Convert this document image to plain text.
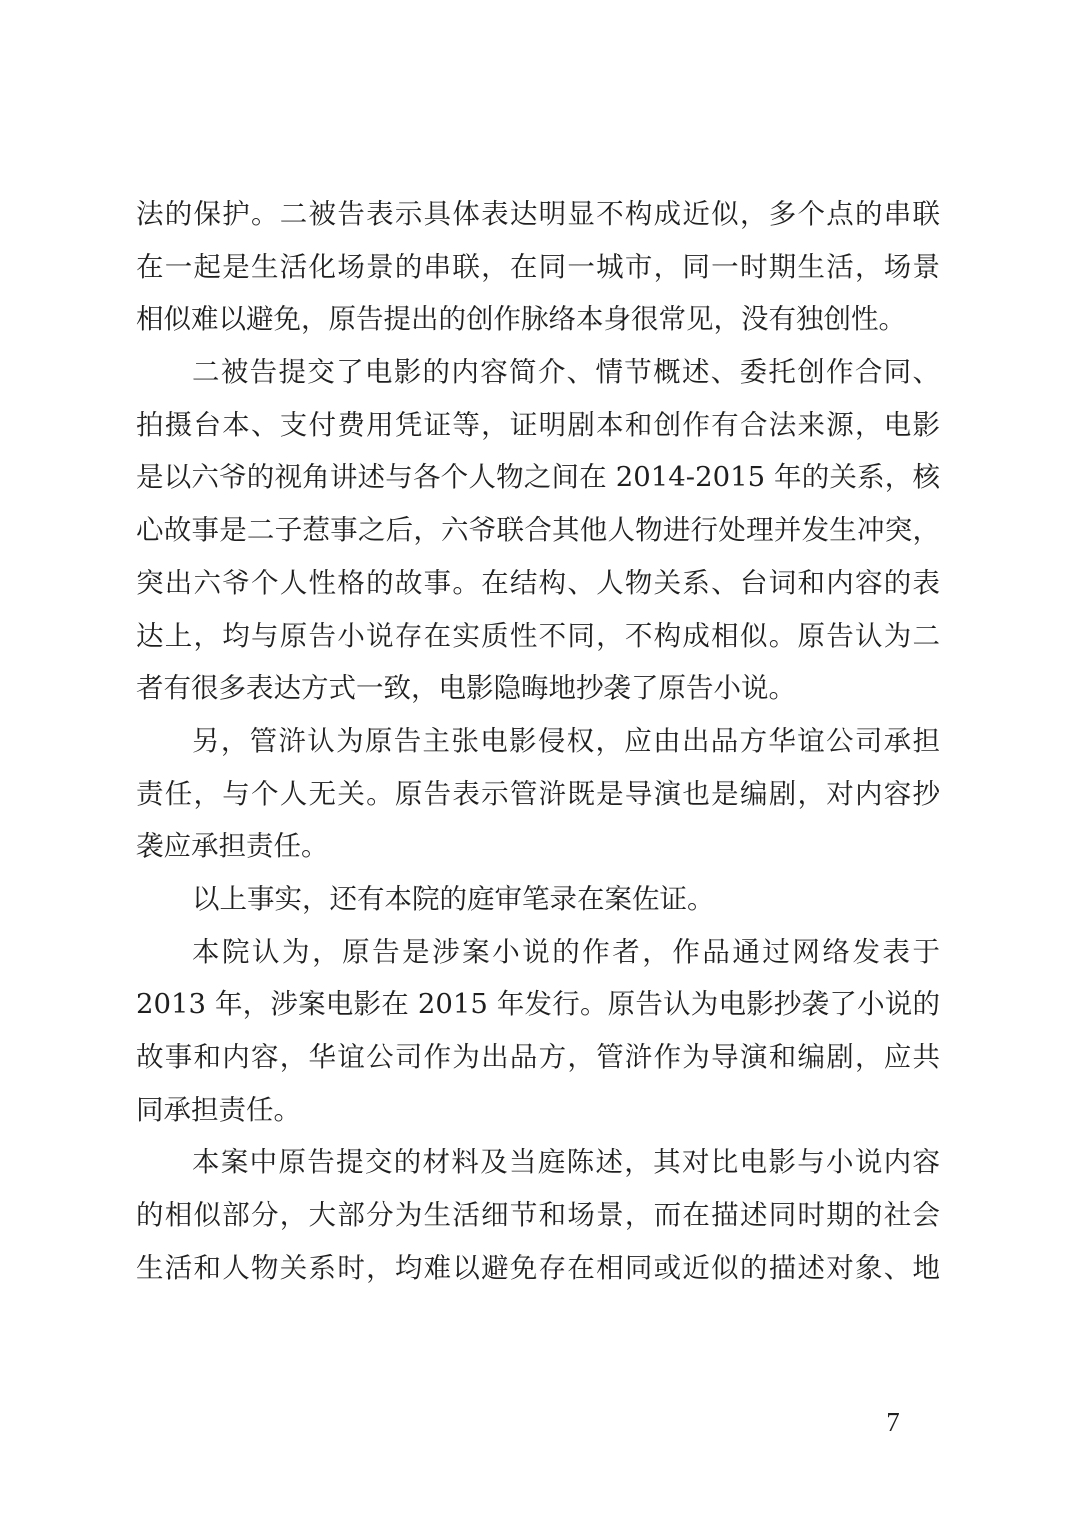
法的保护。二被告表示具体表达明显不构成近似，多个点的串联
在一起是生活化场景的串联，在同一城市，同一时期生活，场景
相似难以避免，原告提出的创作脉络本身很常见，没有独创性。
二被告提交了电影的内容简介、情节概述、委托创作合同、
拍摄台本、支付费用凭证等，证明剧本和创作有合法来源，电影
是以六爷的视角讲述与各个人物之间在 2014-2015 年的关系，核
心故事是二子惹事之后，六爷联合其他人物进行处理并发生冲突，
突出六爷个人性格的故事。在结构、人物关系、台词和内容的表
达上，均与原告小说存在实质性不同，不构成相似。原告认为二
者有很多表达方式一致，电影隐晦地抄袭了原告小说。
另，管浒认为原告主张电影侵权，应由出品方华谊公司承担
责任，与个人无关。原告表示管浒既是导演也是编剧，对内容抄
袭应承担责任。
以上事实，还有本院的庭审笔录在案佐证。
本院认为，原告是涉案小说的作者，作品通过网络发表于
2013 年，涉案电影在 2015 年发行。原告认为电影抄袭了小说的
故事和内容，华谊公司作为出品方，管浒作为导演和编剧，应共
同承担责任。
本案中原告提交的材料及当庭陈述，其对比电影与小说内容
的相似部分，大部分为生活细节和场景，而在描述同时期的社会
生活和人物关系时，均难以避免存在相同或近似的描述对象、地
7
